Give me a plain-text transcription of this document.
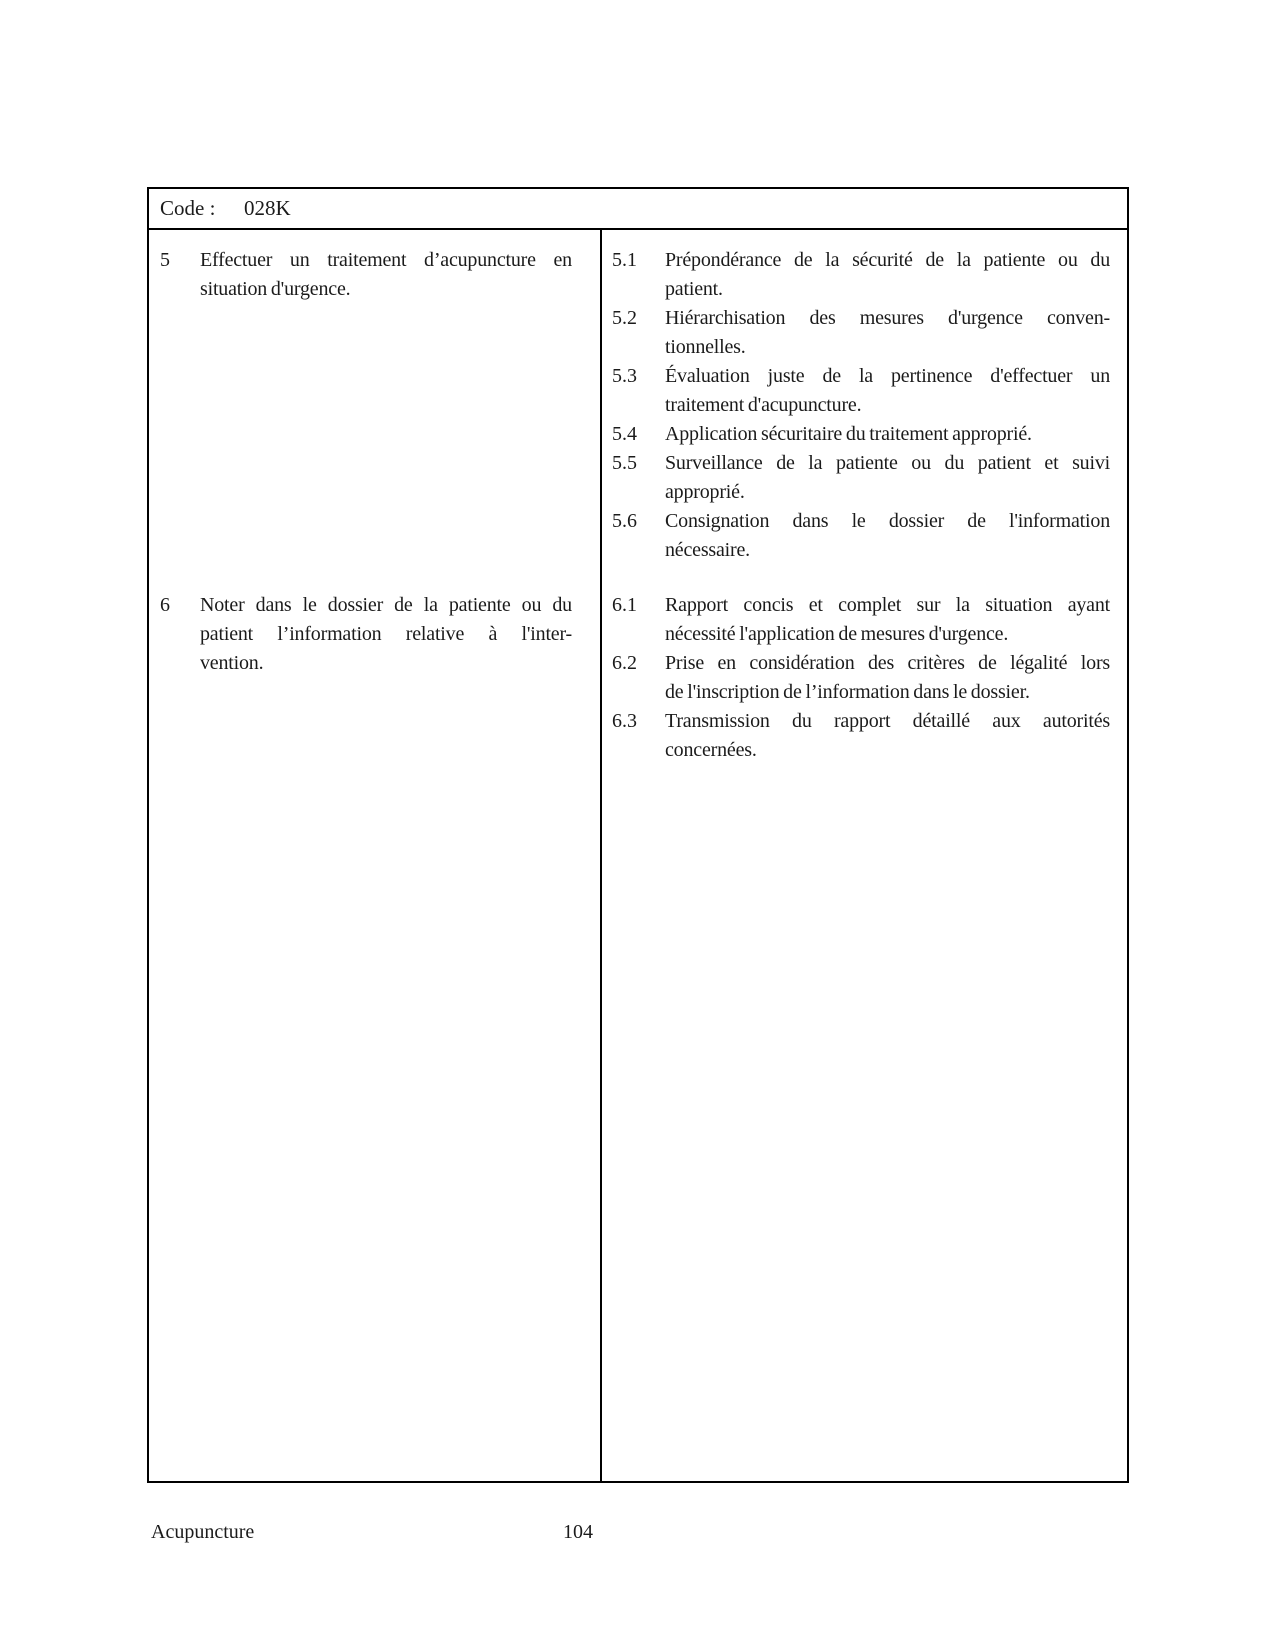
Code : 028K
5	Effectuer un traitement d’acupuncture en
situation d'urgence.
5.1	Prépondérance de la sécurité de la patiente ou du
patient.
5.2	Hiérarchisation des mesures d'urgence conven-
tionnelles.
5.3	Évaluation juste de la pertinence d'effectuer un
traitement d'acupuncture.
5.4	Application sécuritaire du traitement approprié.
5.5	Surveillance de la patiente ou du patient et suivi
approprié.
5.6	Consignation dans le dossier de l'information
nécessaire.
6	Noter dans le dossier de la patiente ou du
patient l’information relative à l'inter-
vention.
6.1	Rapport concis et complet sur la situation ayant
nécessité l'application de mesures d'urgence.
6.2	Prise en considération des critères de légalité lors
de l'inscription de l’information dans le dossier.
6.3	Transmission du rapport détaillé aux autorités
concernées.
Acupuncture	104
